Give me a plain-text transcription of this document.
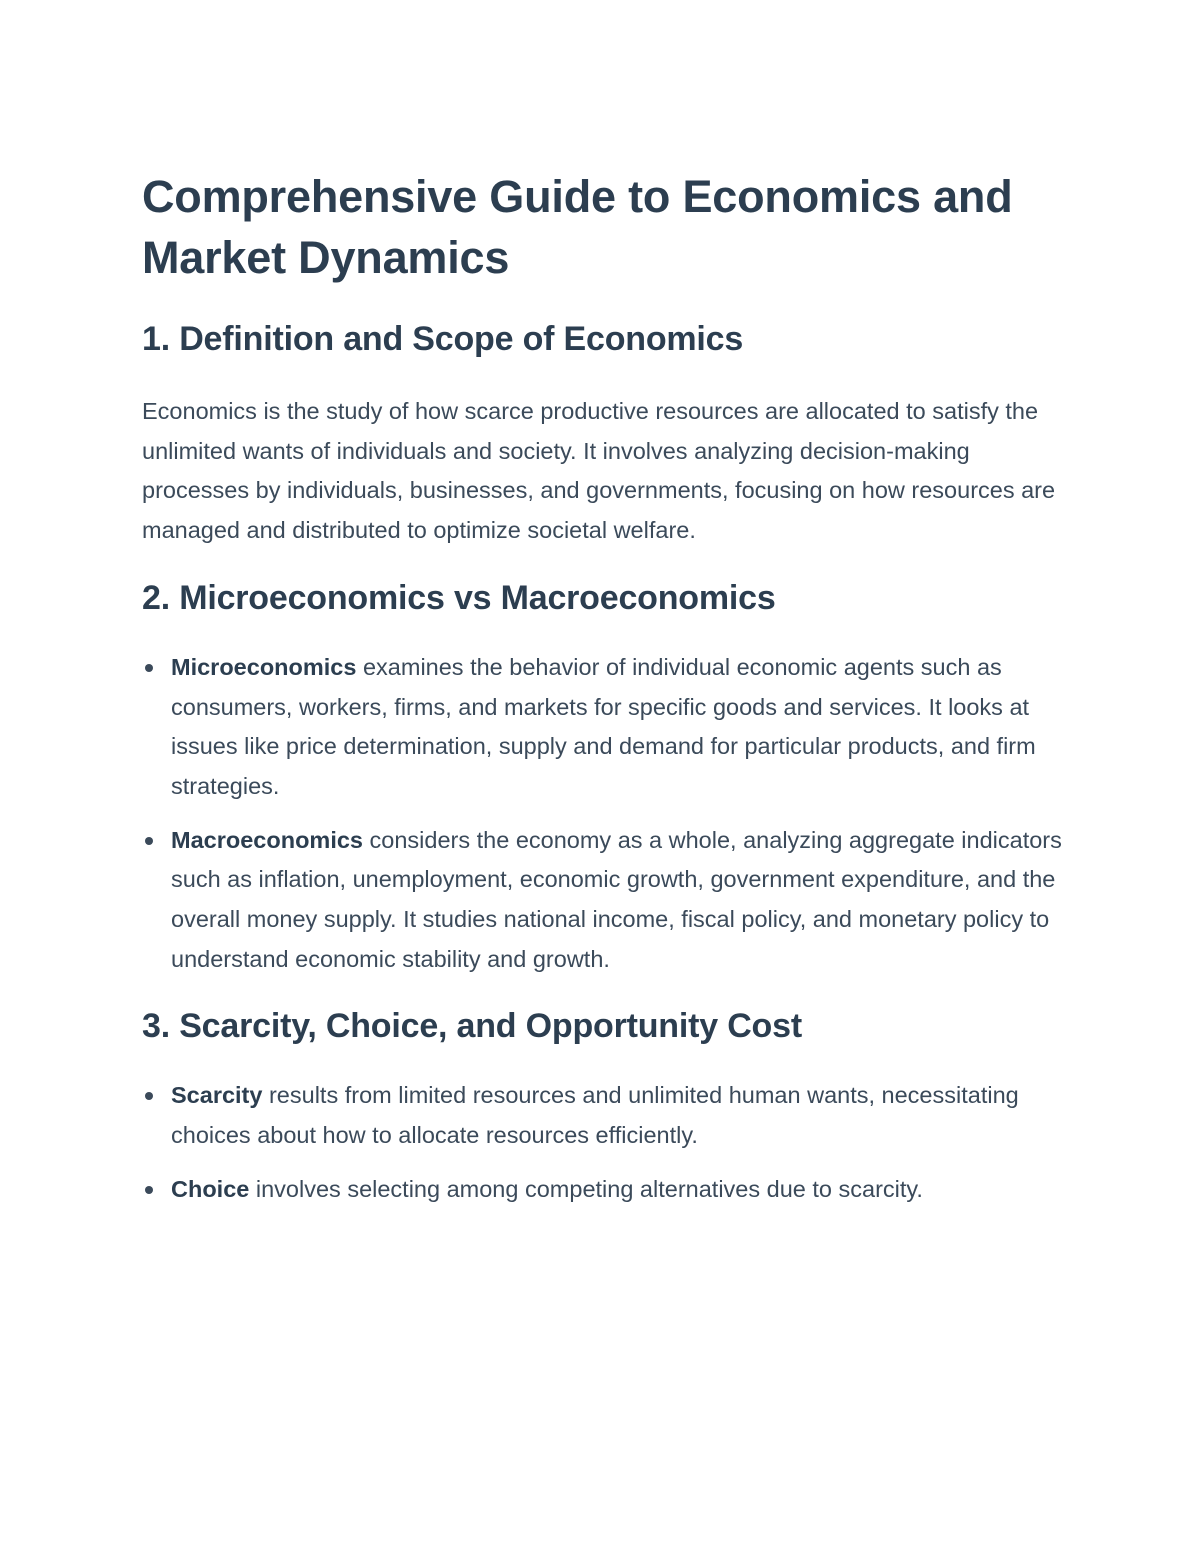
Comprehensive Guide to Economics and Market Dynamics
1. Definition and Scope of Economics

Economics is the study of how scarce productive resources are allocated to satisfy the unlimited wants of individuals and society. It involves analyzing decision-making processes by individuals, businesses, and governments, focusing on how resources are managed and distributed to optimize societal welfare.

2. Microeconomics vs Macroeconomics
Microeconomics examines the behavior of individual economic agents such as consumers, workers, firms, and markets for specific goods and services. It looks at issues like price determination, supply and demand for particular products, and firm strategies.
Macroeconomics considers the economy as a whole, analyzing aggregate indicators such as inflation, unemployment, economic growth, government expenditure, and the overall money supply. It studies national income, fiscal policy, and monetary policy to understand economic stability and growth.
3. Scarcity, Choice, and Opportunity Cost
Scarcity results from limited resources and unlimited human wants, necessitating choices about how to allocate resources efficiently.
Choice involves selecting among competing alternatives due to scarcity.
